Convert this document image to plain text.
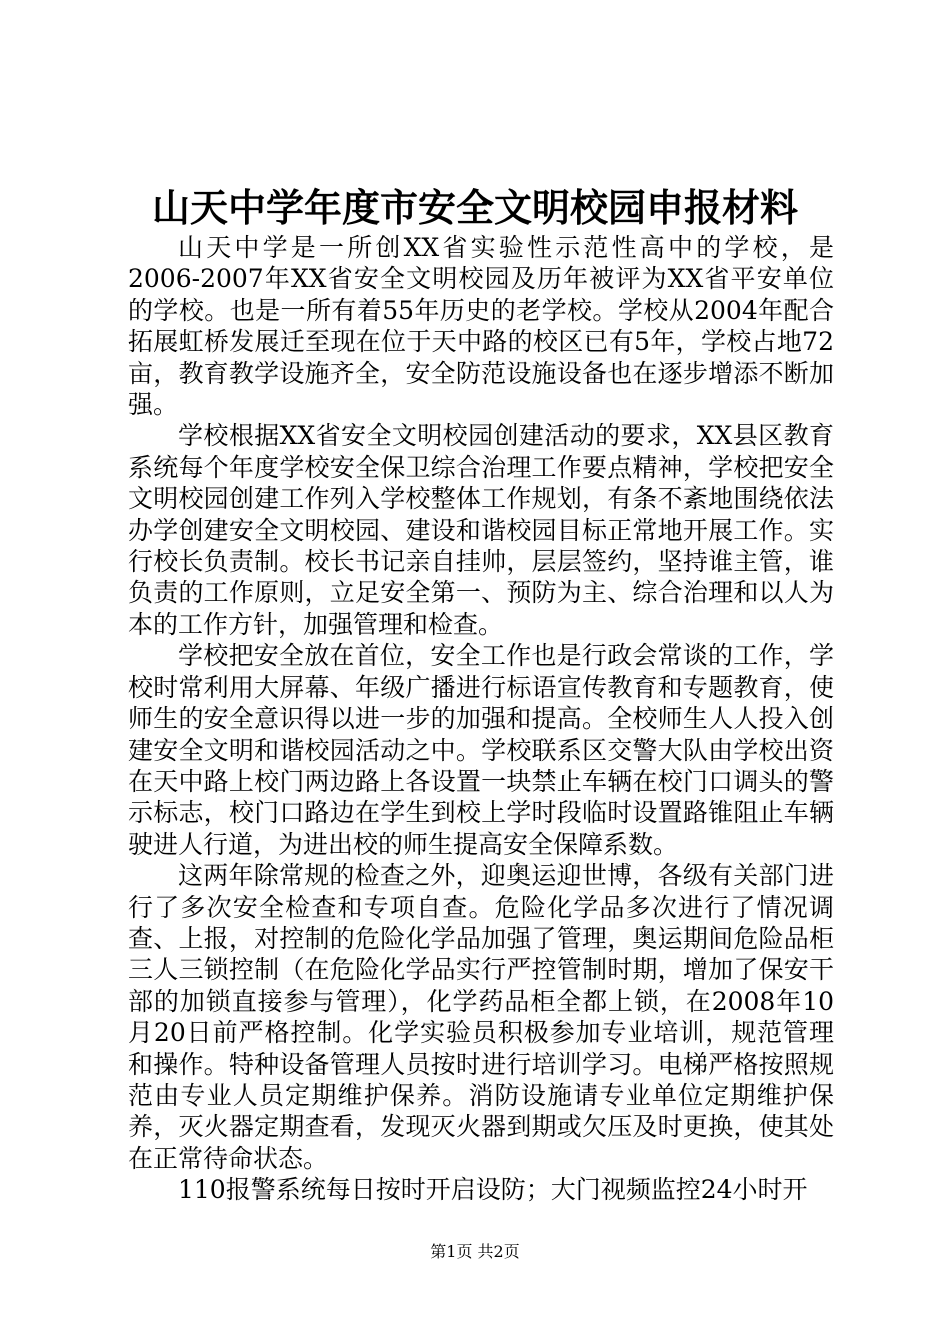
山天中学年度市安全文明校园申报材料

山天中学是一所创XX省实验性示范性高中的学校，是2006-2007年XX省安全文明校园及历年被评为XX省平安单位的学校。也是一所有着55年历史的老学校。学校从2004年配合拓展虹桥发展迁至现在位于天中路的校区已有5年，学校占地72亩，教育教学设施齐全，安全防范设施设备也在逐步增添不断加强。

学校根据XX省安全文明校园创建活动的要求，XX县区教育系统每个年度学校安全保卫综合治理工作要点精神，学校把安全文明校园创建工作列入学校整体工作规划，有条不紊地围绕依法办学创建安全文明校园、建设和谐校园目标正常地开展工作。实行校长负责制。校长书记亲自挂帅，层层签约，坚持谁主管，谁负责的工作原则，立足安全第一、预防为主、综合治理和以人为本的工作方针，加强管理和检查。

学校把安全放在首位，安全工作也是行政会常谈的工作，学校时常利用大屏幕、年级广播进行标语宣传教育和专题教育，使师生的安全意识得以进一步的加强和提高。全校师生人人投入创建安全文明和谐校园活动之中。学校联系区交警大队由学校出资在天中路上校门两边路上各设置一块禁止车辆在校门口调头的警示标志，校门口路边在学生到校上学时段临时设置路锥阻止车辆驶进人行道，为进出校的师生提高安全保障系数。

这两年除常规的检查之外，迎奥运迎世博，各级有关部门进行了多次安全检查和专项自查。危险化学品多次进行了情况调查、上报，对控制的危险化学品加强了管理，奥运期间危险品柜三人三锁控制（在危险化学品实行严控管制时期，增加了保安干部的加锁直接参与管理），化学药品柜全都上锁，在2008年10月20日前严格控制。化学实验员积极参加专业培训，规范管理和操作。特种设备管理人员按时进行培训学习。电梯严格按照规范由专业人员定期维护保养。消防设施请专业单位定期维护保养，灭火器定期查看，发现灭火器到期或欠压及时更换，使其处在正常待命状态。

110报警系统每日按时开启设防；大门视频监控24小时开

第1页 共2页
